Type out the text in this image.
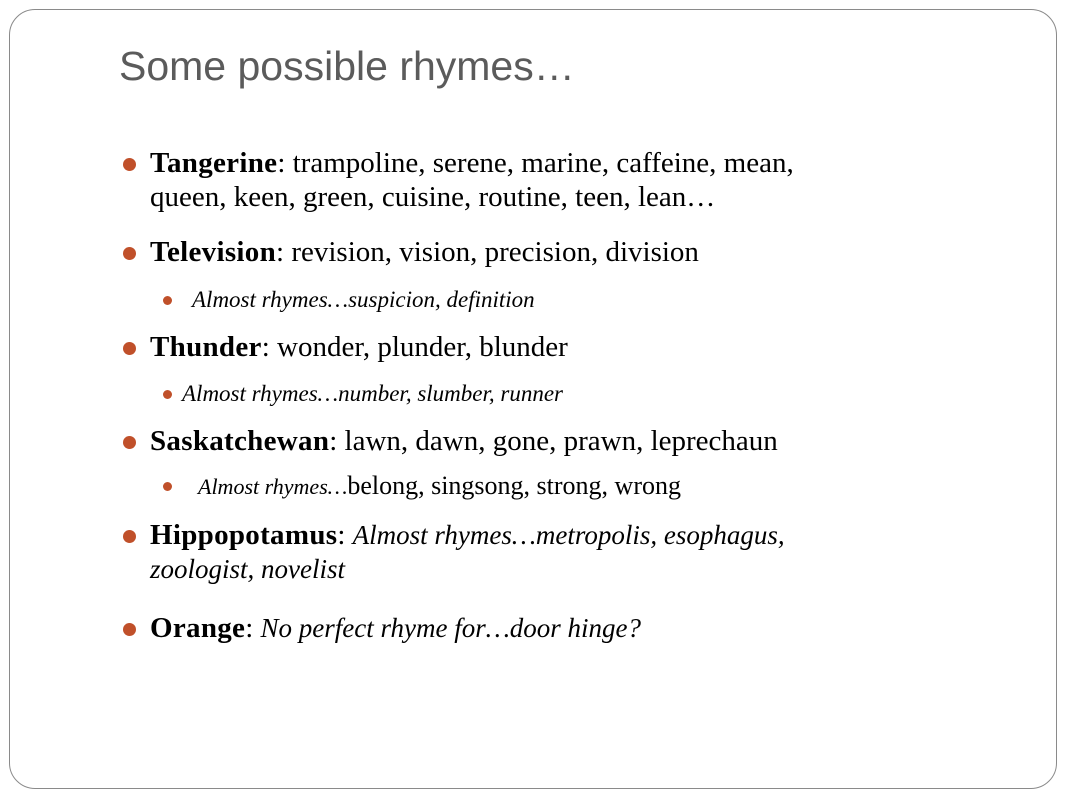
Some possible rhymes…
Tangerine: trampoline, serene, marine, caffeine, mean,
queen, keen, green, cuisine, routine, teen, lean…
Television: revision, vision, precision, division
Almost rhymes…suspicion, definition
Thunder: wonder, plunder, blunder
Almost rhymes…number, slumber, runner
Saskatchewan: lawn, dawn, gone, prawn, leprechaun
Almost rhymes…belong, singsong, strong, wrong
Hippopotamus: Almost rhymes…metropolis, esophagus,
zoologist, novelist
Orange: No perfect rhyme for…door hinge?
